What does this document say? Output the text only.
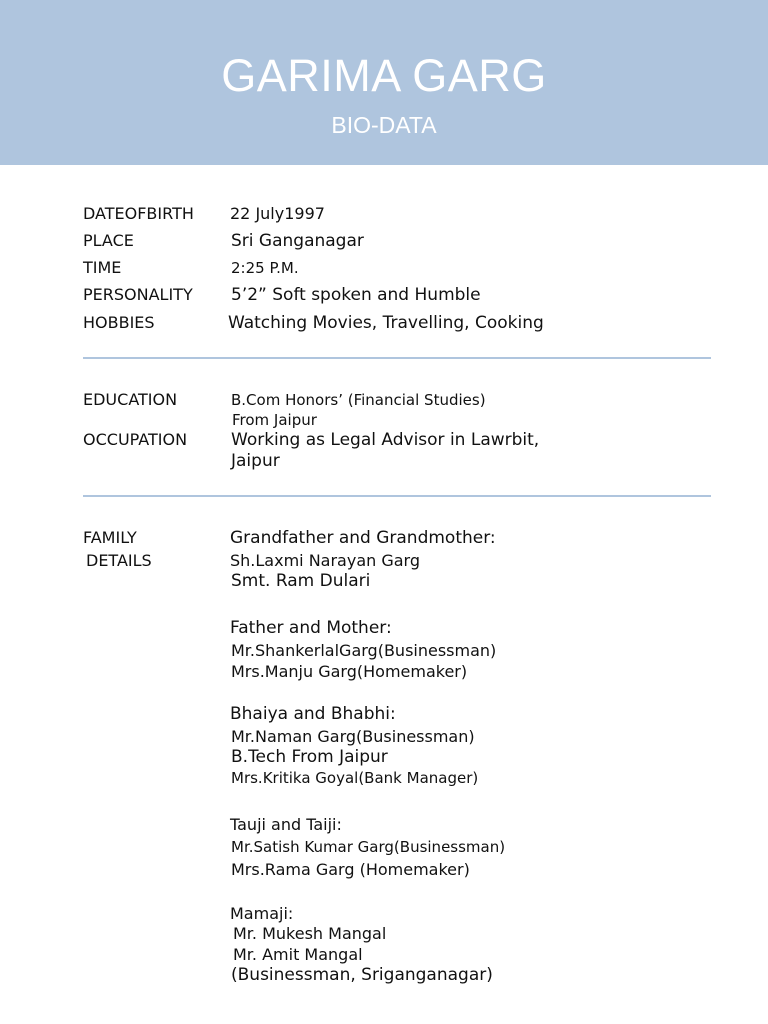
GARIMA GARG
BIO-DATA
DATEOFBIRTH 22 July1997
PLACE	Sri Ganganagar
TIME	2:25 P.M.
PERSONALITY 5’2” Soft spoken and Humble
HOBBIES	Watching Movies, Travelling, Cooking
EDUCATION	B.Com Honors’ (Financial Studies)
From Jaipur
OCCUPATION	Working as Legal Advisor in Lawrbit,
Jaipur
FAMILY
DETAILS
Grandfather and Grandmother:
Sh.Laxmi Narayan Garg
Smt. Ram Dulari
Father and Mother:
Mr.ShankerlalGarg(Businessman)
Mrs.Manju Garg(Homemaker)
Bhaiya and Bhabhi:
Mr.Naman Garg(Businessman)
B.Tech From Jaipur
Mrs.Kritika Goyal(Bank Manager)
Tauji and Taiji:
Mr.Satish Kumar Garg(Businessman)
Mrs.Rama Garg (Homemaker)
Mamaji:
Mr. Mukesh Mangal
Mr. Amit Mangal
(Businessman, Sriganganagar)
